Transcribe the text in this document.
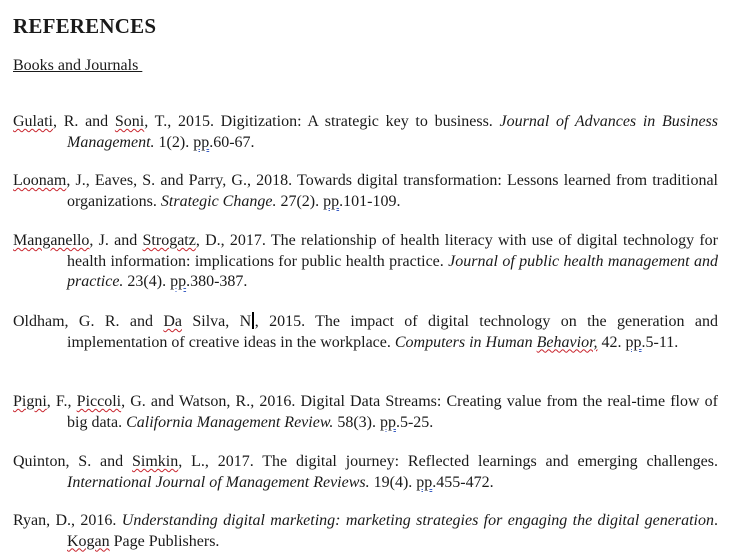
REFERENCES
Books and Journals

Gulati, R. and Soni, T., 2015. Digitization: A strategic key to business. Journal of Advances in Business Management. 1(2). pp.60-67.

Loonam, J., Eaves, S. and Parry, G., 2018. Towards digital transformation: Lessons learned from traditional organizations. Strategic Change. 27(2). pp.101-109.

Manganello, J. and Strogatz, D., 2017. The relationship of health literacy with use of digital technology for health information: implications for public health practice. Journal of public health management and practice. 23(4). pp.380-387.

Oldham, G. R. and Da Silva, N , 2015. The impact of digital technology on the generation and implementation of creative ideas in the workplace. Computers in Human Behavior, 42. pp.5-11.

Pigni, F., Piccoli, G. and Watson, R., 2016. Digital Data Streams: Creating value from the real-time flow of big data. California Management Review. 58(3). pp.5-25.

Quinton, S. and Simkin, L., 2017. The digital journey: Reflected learnings and emerging challenges. International Journal of Management Reviews. 19(4). pp.455-472.

Ryan, D., 2016. Understanding digital marketing: marketing strategies for engaging the digital generation. Kogan Page Publishers.
